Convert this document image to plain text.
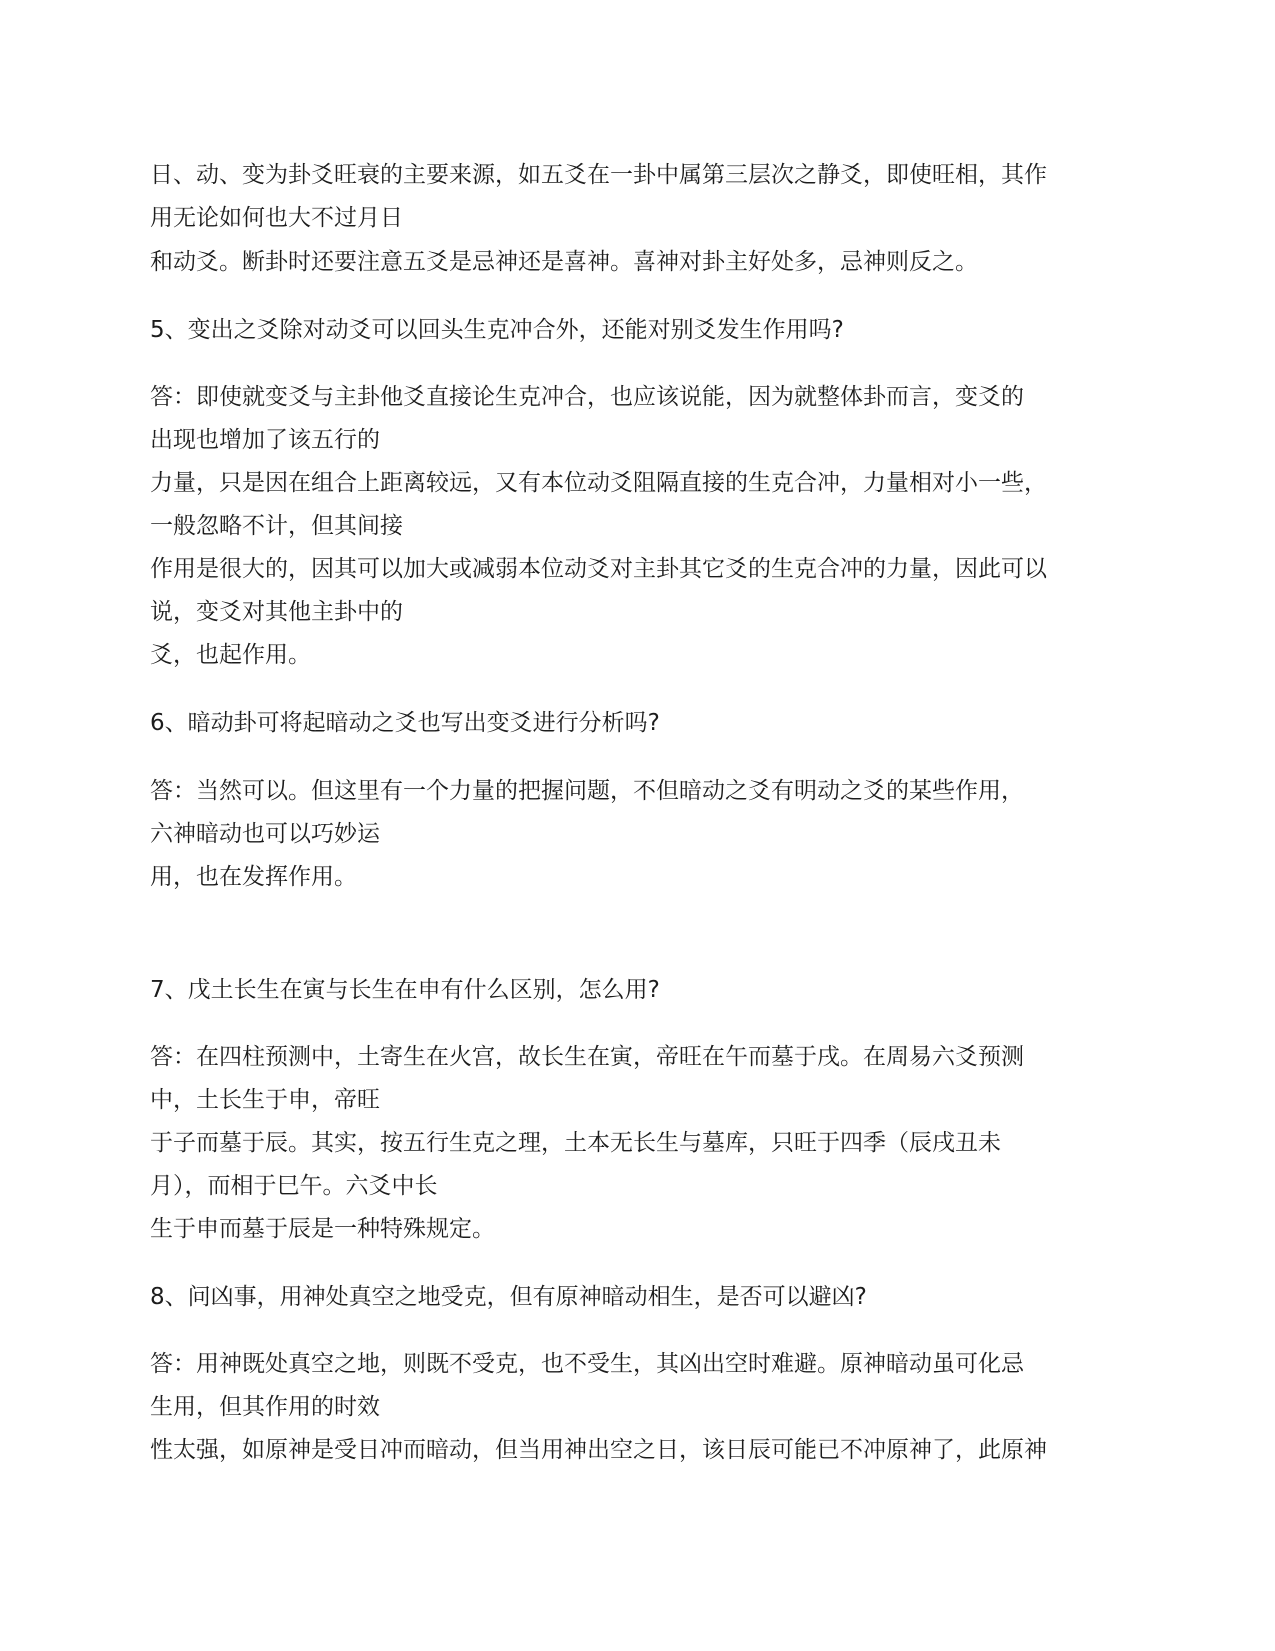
日、动、变为卦爻旺衰的主要来源，如五爻在一卦中属第三层次之静爻，即使旺相，其作
用无论如何也大不过月日
和动爻。断卦时还要注意五爻是忌神还是喜神。喜神对卦主好处多，忌神则反之。
5、变出之爻除对动爻可以回头生克冲合外，还能对别爻发生作用吗?
答：即使就变爻与主卦他爻直接论生克冲合，也应该说能，因为就整体卦而言，变爻的
出现也增加了该五行的
力量，只是因在组合上距离较远，又有本位动爻阻隔直接的生克合冲，力量相对小一些，
一般忽略不计，但其间接
作用是很大的，因其可以加大或减弱本位动爻对主卦其它爻的生克合冲的力量，因此可以
说，变爻对其他主卦中的
爻，也起作用。
6、暗动卦可将起暗动之爻也写出变爻进行分析吗?
答：当然可以。但这里有一个力量的把握问题，不但暗动之爻有明动之爻的某些作用，
六神暗动也可以巧妙运
用，也在发挥作用。
7、戊土长生在寅与长生在申有什么区别，怎么用?
答：在四柱预测中，土寄生在火宫，故长生在寅，帝旺在午而墓于戌。在周易六爻预测
中，土长生于申，帝旺
于子而墓于辰。其实，按五行生克之理，土本无长生与墓库，只旺于四季（辰戌丑未
月），而相于巳午。六爻中长
生于申而墓于辰是一种特殊规定。
8、问凶事，用神处真空之地受克，但有原神暗动相生，是否可以避凶?
答：用神既处真空之地，则既不受克，也不受生，其凶出空时难避。原神暗动虽可化忌
生用，但其作用的时效
性太强，如原神是受日冲而暗动，但当用神出空之日，该日辰可能已不冲原神了，此原神
